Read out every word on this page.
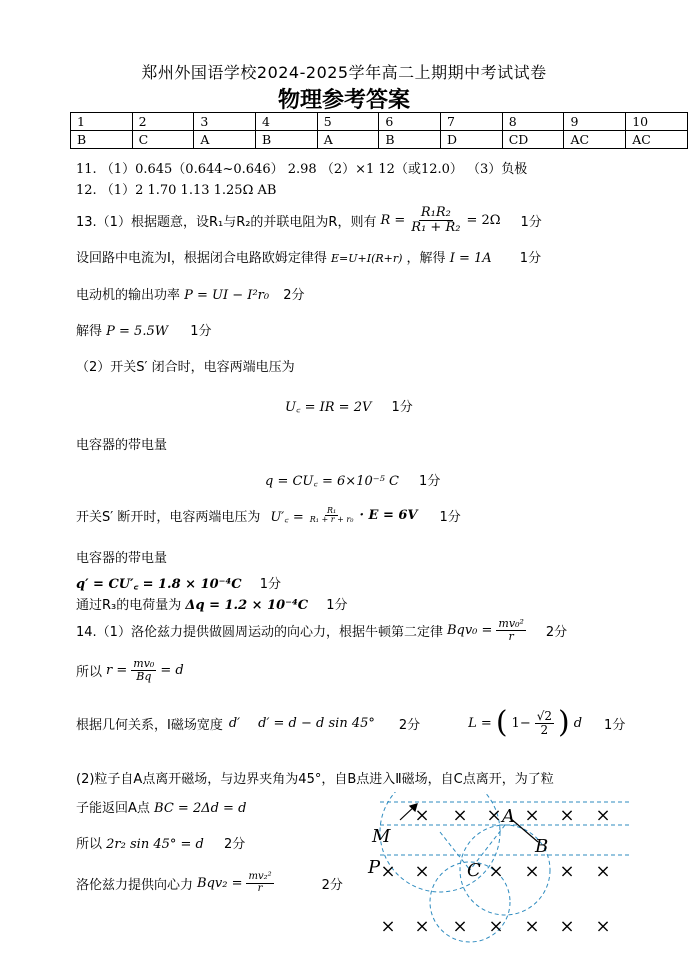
郑州外国语学校2024-2025学年高二上期期中考试试卷
物理参考答案
1	2	3	4	5	6	7	8	9	10
B	C	A	B	A	B	D	CD	AC	AC
11. （1）0.645（0.644~0.646） 2.98 （2）×1 12（或12.0） （3）负极
12. （1）2 1.70 1.13 1.25Ω AB
13.（1）根据题意，设R₁与R₂的并联电阻为R，则有 $R = \frac{\text{R₁R₂}}{\text{R₁ + R₂}} = 2\Omega$ 1分
设回路中电流为I，根据闭合电路欧姆定律得 E=U+I(R+r) ，解得 I = 1A 1分
电动机的输出功率 P = UI − I²r₀ 2分
解得 P = 5.5W 1分
（2）开关S′ 闭合时，电容两端电压为
U꜀ = IR = 2V 1分
电容器的带电量
q = CU꜀ = 6×10⁻⁵ C 1分
开关S′ 断开时，电容两端电压为 U′꜀ = $\frac{\text{R₁}}{\text{R₁ + r + r₀}} \cdot E = 6V$ 1分
电容器的带电量
q′ = CU′꜀ = 1.8 × 10⁻⁴C 1分
通过R₃的电荷量为 Δq = 1.2 × 10⁻⁴C 1分
14.（1）洛伦兹力提供做圆周运动的向心力，根据牛顿第二定律 $Bqv_0 = \frac{\text{mv₀²}}{r} 2$分
所以 $r = \frac{\text{mv₀}}{Bq} = d$
根据几何关系，Ⅰ磁场宽度 d′ d′ = d − d sin 45° 2分	L = ( $1- \frac{√2}{2}$ ) d 1分
(2)粒子自A点离开磁场，与边界夹角为45°，自B点进入Ⅱ磁场，自C点离开，为了粒
子能返回A点 BC = 2Δd = d
所以 2r₂ sin 45° = d 2分
洛伦兹力提供向心力 $Bqv_2 = \frac{\text{mv₂²}}{r}$	2分
M
A
B
P	C
× × × × × ×
× ×	× × × ×
× × × × × × ×
